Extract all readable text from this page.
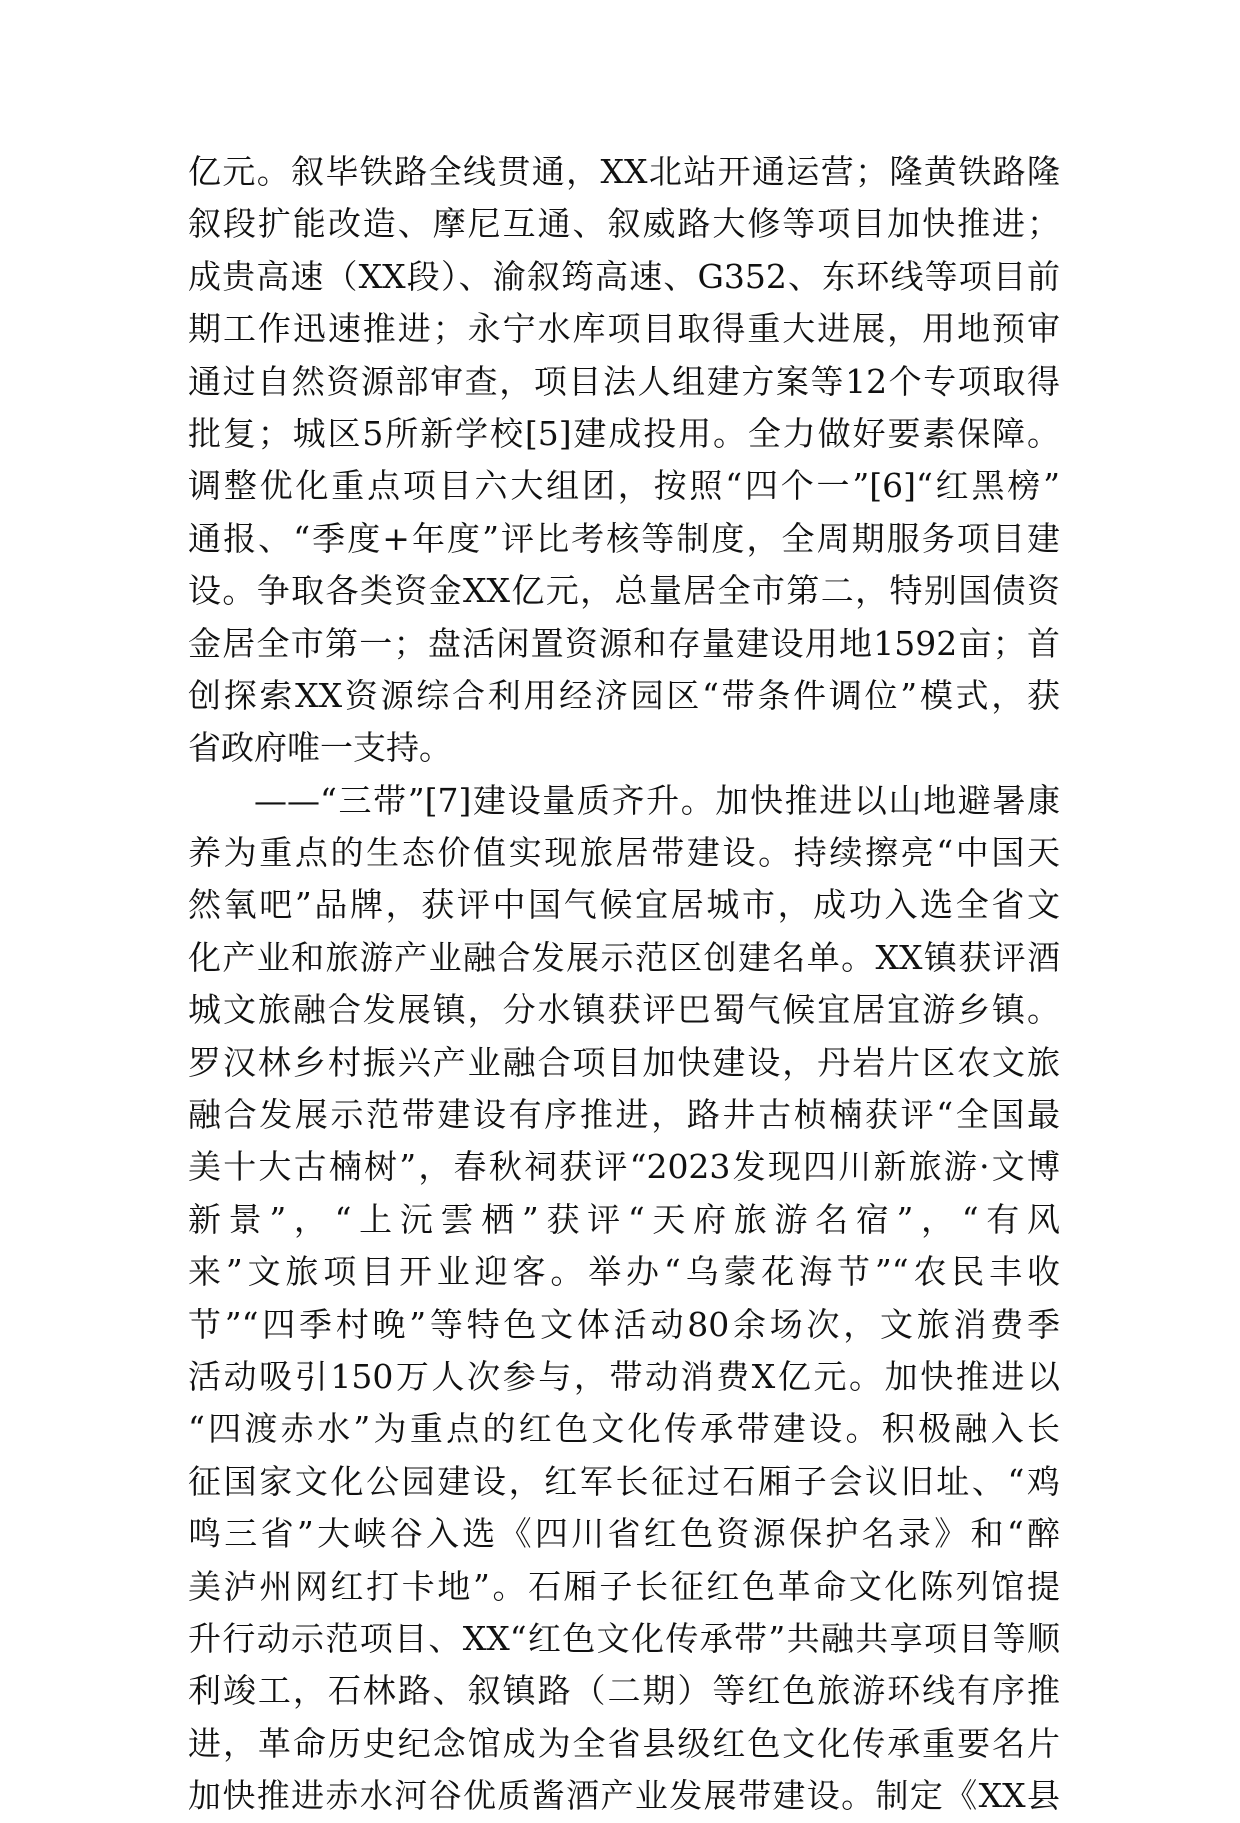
亿元。叙毕铁路全线贯通，XX北站开通运营；隆黄铁路隆
叙段扩能改造、摩尼互通、叙威路大修等项目加快推进；
成贵高速（XX段）、渝叙筠高速、G352、东环线等项目前
期工作迅速推进；永宁水库项目取得重大进展，用地预审
通过自然资源部审查，项目法人组建方案等12个专项取得
批复；城区5所新学校[5]建成投用。全力做好要素保障。
调整优化重点项目六大组团，按照“四个一”[6]“红黑榜”
通报、“季度+年度”评比考核等制度，全周期服务项目建
设。争取各类资金XX亿元，总量居全市第二，特别国债资
金居全市第一；盘活闲置资源和存量建设用地1592亩；首
创探索XX资源综合利用经济园区“带条件调位”模式，获
省政府唯一支持。
——“三带”[7]建设量质齐升。加快推进以山地避暑康
养为重点的生态价值实现旅居带建设。持续擦亮“中国天
然氧吧”品牌，获评中国气候宜居城市，成功入选全省文
化产业和旅游产业融合发展示范区创建名单。XX镇获评酒
城文旅融合发展镇，分水镇获评巴蜀气候宜居宜游乡镇。
罗汉林乡村振兴产业融合项目加快建设，丹岩片区农文旅
融合发展示范带建设有序推进，路井古桢楠获评“全国最
美十大古楠树”，春秋祠获评“2023发现四川新旅游·文博
新景”，“上沅雲栖”获评“天府旅游名宿”，“有风
来”文旅项目开业迎客。举办“乌蒙花海节”“农民丰收
节”“四季村晚”等特色文体活动80余场次，文旅消费季
活动吸引150万人次参与，带动消费X亿元。加快推进以
“四渡赤水”为重点的红色文化传承带建设。积极融入长
征国家文化公园建设，红军长征过石厢子会议旧址、“鸡
鸣三省”大峡谷入选《四川省红色资源保护名录》和“醉
美泸州网红打卡地”。石厢子长征红色革命文化陈列馆提
升行动示范项目、XX“红色文化传承带”共融共享项目等顺
利竣工，石林路、叙镇路（二期）等红色旅游环线有序推
进，革命历史纪念馆成为全省县级红色文化传承重要名片
加快推进赤水河谷优质酱酒产业发展带建设。制定《XX县
